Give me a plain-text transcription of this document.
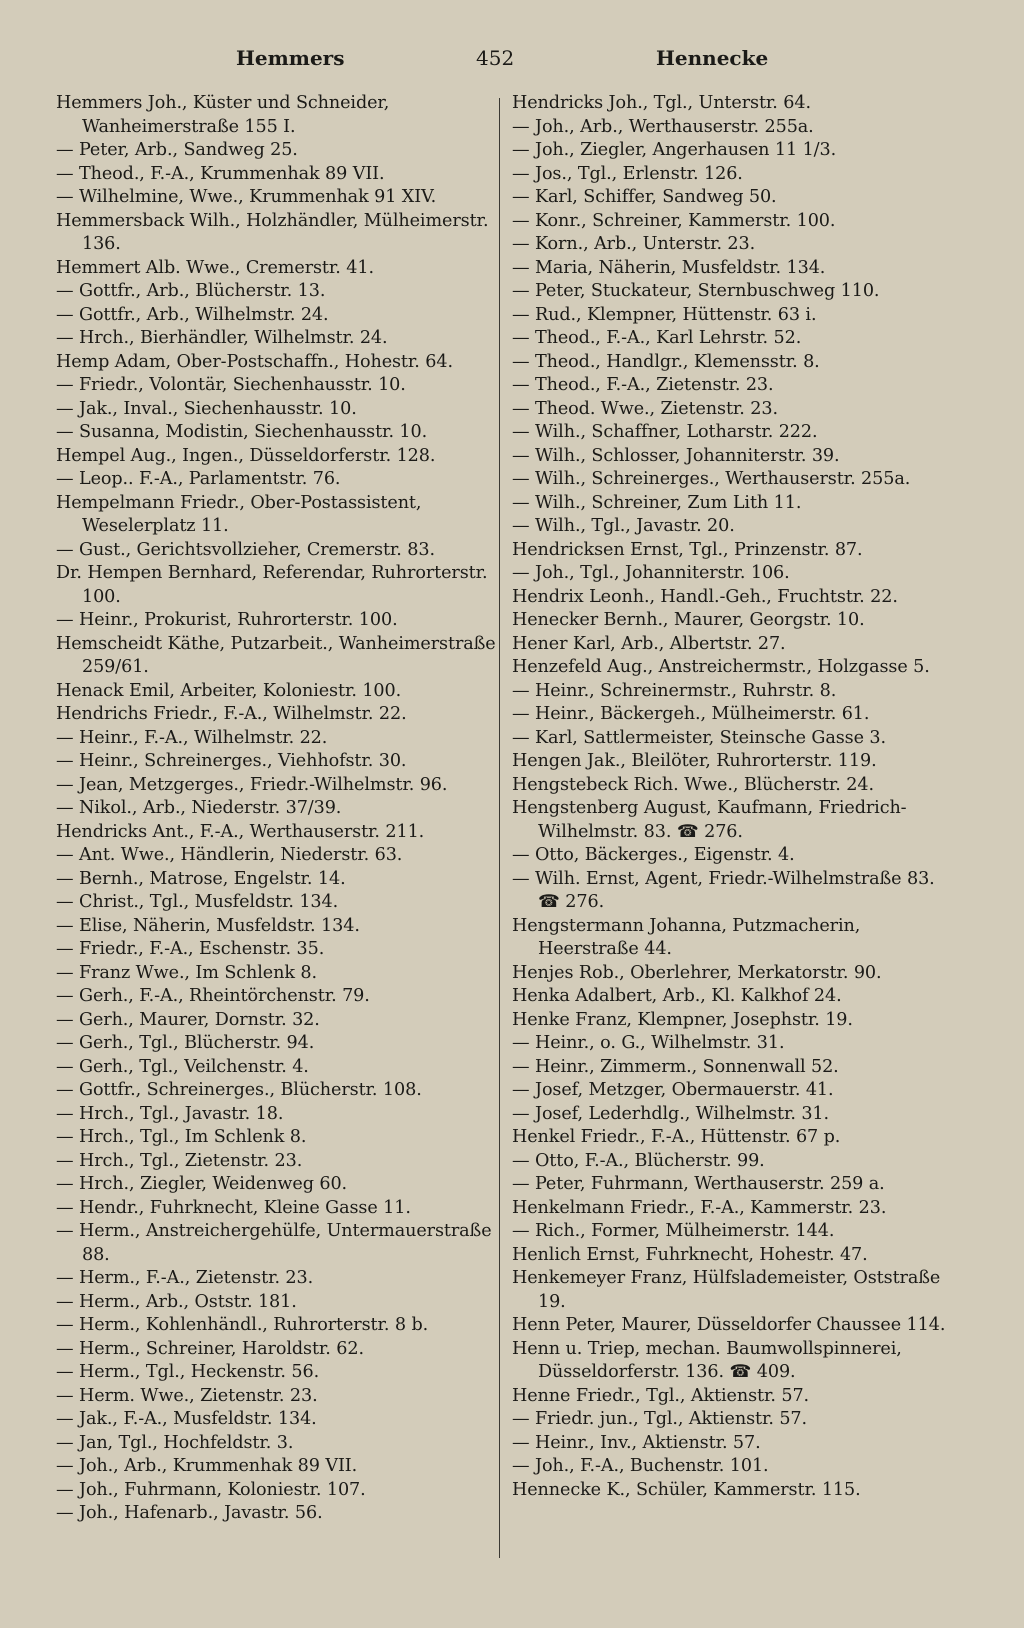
Hemmers	452	Hennecke
Hemmers Joh., Küster und Schneider, Wanheimerstraße 155 I.
— Peter, Arb., Sandweg 25.
— Theod., F.-A., Krummenhak 89 VII.
— Wilhelmine, Wwe., Krummenhak 91 XIV.
Hemmersback Wilh., Holzhändler, Mülheimerstr. 136.
Hemmert Alb. Wwe., Cremerstr. 41.
— Gottfr., Arb., Blücherstr. 13.
— Gottfr., Arb., Wilhelmstr. 24.
— Hrch., Bierhändler, Wilhelmstr. 24.
Hemp Adam, Ober-Postschaffn., Hohestr. 64.
— Friedr., Volontär, Siechenhausstr. 10.
— Jak., Inval., Siechenhausstr. 10.
— Susanna, Modistin, Siechenhausstr. 10.
Hempel Aug., Ingen., Düsseldorferstr. 128.
— Leop.. F.-A., Parlamentstr. 76.
Hempelmann Friedr., Ober-Postassistent, Weselerplatz 11.
— Gust., Gerichtsvollzieher, Cremerstr. 83.
Dr. Hempen Bernhard, Referendar, Ruhrorterstr. 100.
— Heinr., Prokurist, Ruhrorterstr. 100.
Hemscheidt Käthe, Putzarbeit., Wanheimerstraße 259/61.
Henack Emil, Arbeiter, Koloniestr. 100.
Hendrichs Friedr., F.-A., Wilhelmstr. 22.
— Heinr., F.-A., Wilhelmstr. 22.
— Heinr., Schreinerges., Viehhofstr. 30.
— Jean, Metzgerges., Friedr.-Wilhelmstr. 96.
— Nikol., Arb., Niederstr. 37/39.
Hendricks Ant., F.-A., Werthauserstr. 211.
— Ant. Wwe., Händlerin, Niederstr. 63.
— Bernh., Matrose, Engelstr. 14.
— Christ., Tgl., Musfeldstr. 134.
— Elise, Näherin, Musfeldstr. 134.
— Friedr., F.-A., Eschenstr. 35.
— Franz Wwe., Im Schlenk 8.
— Gerh., F.-A., Rheintörchenstr. 79.
— Gerh., Maurer, Dornstr. 32.
— Gerh., Tgl., Blücherstr. 94.
— Gerh., Tgl., Veilchenstr. 4.
— Gottfr., Schreinerges., Blücherstr. 108.
— Hrch., Tgl., Javastr. 18.
— Hrch., Tgl., Im Schlenk 8.
— Hrch., Tgl., Zietenstr. 23.
— Hrch., Ziegler, Weidenweg 60.
— Hendr., Fuhrknecht, Kleine Gasse 11.
— Herm., Anstreichergehülfe, Untermauerstraße 88.
— Herm., F.-A., Zietenstr. 23.
— Herm., Arb., Oststr. 181.
— Herm., Kohlenhändl., Ruhrorterstr. 8 b.
— Herm., Schreiner, Haroldstr. 62.
— Herm., Tgl., Heckenstr. 56.
— Herm. Wwe., Zietenstr. 23.
— Jak., F.-A., Musfeldstr. 134.
— Jan, Tgl., Hochfeldstr. 3.
— Joh., Arb., Krummenhak 89 VII.
— Joh., Fuhrmann, Koloniestr. 107.
— Joh., Hafenarb., Javastr. 56.
Hendricks Joh., Tgl., Unterstr. 64.
— Joh., Arb., Werthauserstr. 255a.
— Joh., Ziegler, Angerhausen 11 1/3.
— Jos., Tgl., Erlenstr. 126.
— Karl, Schiffer, Sandweg 50.
— Konr., Schreiner, Kammerstr. 100.
— Korn., Arb., Unterstr. 23.
— Maria, Näherin, Musfeldstr. 134.
— Peter, Stuckateur, Sternbuschweg 110.
— Rud., Klempner, Hüttenstr. 63 i.
— Theod., F.-A., Karl Lehrstr. 52.
— Theod., Handlgr., Klemensstr. 8.
— Theod., F.-A., Zietenstr. 23.
— Theod. Wwe., Zietenstr. 23.
— Wilh., Schaffner, Lotharstr. 222.
— Wilh., Schlosser, Johanniterstr. 39.
— Wilh., Schreinerges., Werthauserstr. 255a.
— Wilh., Schreiner, Zum Lith 11.
— Wilh., Tgl., Javastr. 20.
Hendricksen Ernst, Tgl., Prinzenstr. 87.
— Joh., Tgl., Johanniterstr. 106.
Hendrix Leonh., Handl.-Geh., Fruchtstr. 22.
Henecker Bernh., Maurer, Georgstr. 10.
Hener Karl, Arb., Albertstr. 27.
Henzefeld Aug., Anstreichermstr., Holzgasse 5.
— Heinr., Schreinermstr., Ruhrstr. 8.
— Heinr., Bäckergeh., Mülheimerstr. 61.
— Karl, Sattlermeister, Steinsche Gasse 3.
Hengen Jak., Bleilöter, Ruhrorterstr. 119.
Hengstebeck Rich. Wwe., Blücherstr. 24.
Hengstenberg August, Kaufmann, Friedrich-Wilhelmstr. 83. ☎ 276.
— Otto, Bäckerges., Eigenstr. 4.
— Wilh. Ernst, Agent, Friedr.-Wilhelmstraße 83. ☎ 276.
Hengstermann Johanna, Putzmacherin, Heerstraße 44.
Henjes Rob., Oberlehrer, Merkatorstr. 90.
Henka Adalbert, Arb., Kl. Kalkhof 24.
Henke Franz, Klempner, Josephstr. 19.
— Heinr., o. G., Wilhelmstr. 31.
— Heinr., Zimmerm., Sonnenwall 52.
— Josef, Metzger, Obermauerstr. 41.
— Josef, Lederhdlg., Wilhelmstr. 31.
Henkel Friedr., F.-A., Hüttenstr. 67 p.
— Otto, F.-A., Blücherstr. 99.
— Peter, Fuhrmann, Werthauserstr. 259 a.
Henkelmann Friedr., F.-A., Kammerstr. 23.
— Rich., Former, Mülheimerstr. 144.
Henlich Ernst, Fuhrknecht, Hohestr. 47.
Henkemeyer Franz, Hülfslademeister, Oststraße 19.
Henn Peter, Maurer, Düsseldorfer Chaussee 114.
Henn u. Triep, mechan. Baumwollspinnerei, Düsseldorferstr. 136. ☎ 409.
Henne Friedr., Tgl., Aktienstr. 57.
— Friedr. jun., Tgl., Aktienstr. 57.
— Heinr., Inv., Aktienstr. 57.
— Joh., F.-A., Buchenstr. 101.
Hennecke K., Schüler, Kammerstr. 115.
